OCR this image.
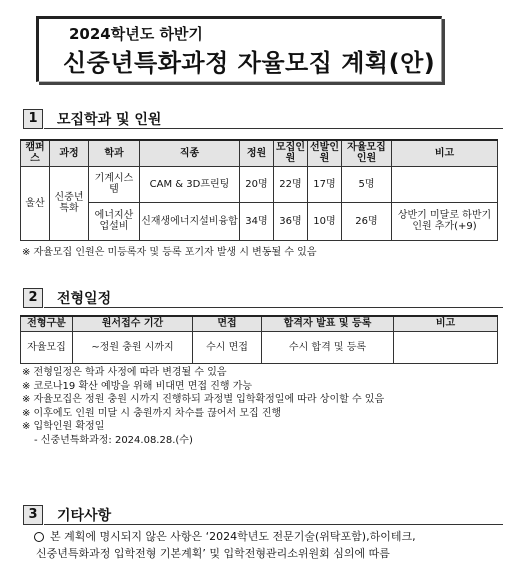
2024학년도 하반기
신중년특화과정 자율모집 계획(안)
1 모집학과 및 인원
캠퍼스	과정	학과	직종	정원	모집인원	선발인원	자율모집인원	비고
울산	신중년특화	기계시스템	CAM & 3D프린팅	20명	22명	17명	5명	
		에너지산업설비	신재생에너지설비융합	34명	36명	10명	26명	상반기 미달로 하반기 인원 추가(+9)
※ 자율모집 인원은 미등록자 및 등록 포기자 발생 시 변동될 수 있음
2 전형일정
전형구분	원서접수 기간	면접	합격자 발표 및 등록	비고
자율모집	~정원 충원 시까지	수시 면접	수시 합격 및 등록	
※ 전형일정은 학과 사정에 따라 변경될 수 있음
※ 코로나19 확산 예방을 위해 비대면 면접 진행 가능
※ 자율모집은 정원 충원 시까지 진행하되 과정별 입학확정일에 따라 상이할 수 있음
※ 이후에도 인원 미달 시 충원까지 차수를 끊어서 모집 진행
※ 입학인원 확정일
- 신중년특화과정: 2024.08.28.(수)
3 기타사항
본 계획에 명시되지 않은 사항은 ‘2024학년도 전문기술(위탁포함),하이테크,
신중년특화과정 입학전형 기본계획’ 및 입학전형관리소위원회 심의에 따름
